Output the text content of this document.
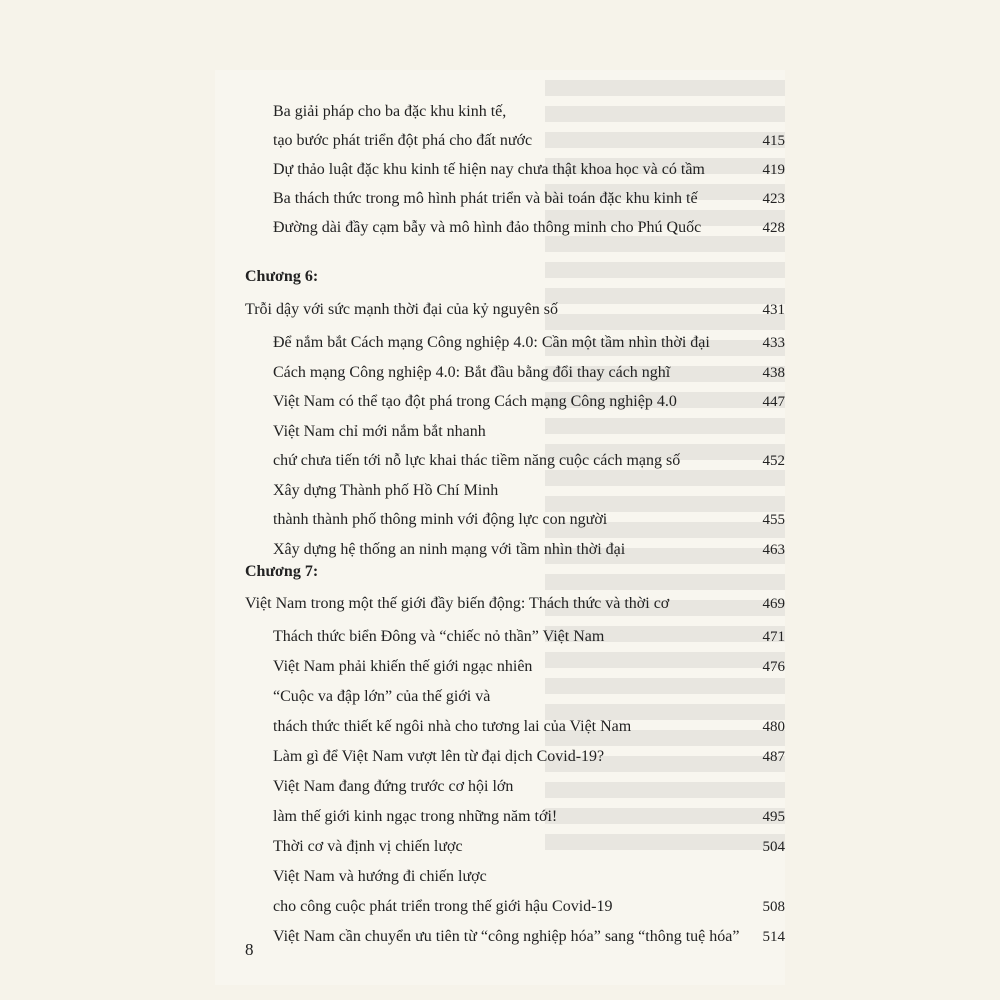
Ba giải pháp cho ba đặc khu kinh tế,
tạo bước phát triển đột phá cho đất nước	415
Dự thảo luật đặc khu kinh tế hiện nay chưa thật khoa học và có tầm	419
Ba thách thức trong mô hình phát triển và bài toán đặc khu kinh tế	423
Đường dài đầy cạm bẫy và mô hình đảo thông minh cho Phú Quốc	428
Chương 6:
Trỗi dậy với sức mạnh thời đại của kỷ nguyên số	431
Để nắm bắt Cách mạng Công nghiệp 4.0: Cần một tầm nhìn thời đại	433
Cách mạng Công nghiệp 4.0: Bắt đầu bằng đổi thay cách nghĩ	438
Việt Nam có thể tạo đột phá trong Cách mạng Công nghiệp 4.0	447
Việt Nam chỉ mới nắm bắt nhanh
chứ chưa tiến tới nỗ lực khai thác tiềm năng cuộc cách mạng số	452
Xây dựng Thành phố Hồ Chí Minh
thành thành phố thông minh với động lực con người	455
Xây dựng hệ thống an ninh mạng với tầm nhìn thời đại	463
Chương 7:
Việt Nam trong một thế giới đầy biến động: Thách thức và thời cơ	469
Thách thức biển Đông và “chiếc nỏ thần” Việt Nam	471
Việt Nam phải khiến thế giới ngạc nhiên	476
“Cuộc va đập lớn” của thế giới và
thách thức thiết kế ngôi nhà cho tương lai của Việt Nam	480
Làm gì để Việt Nam vượt lên từ đại dịch Covid-19?	487
Việt Nam đang đứng trước cơ hội lớn
làm thế giới kinh ngạc trong những năm tới!	495
Thời cơ và định vị chiến lược	504
Việt Nam và hướng đi chiến lược
cho công cuộc phát triển trong thế giới hậu Covid-19	508
Việt Nam cần chuyển ưu tiên từ “công nghiệp hóa” sang “thông tuệ hóa” 514
8
